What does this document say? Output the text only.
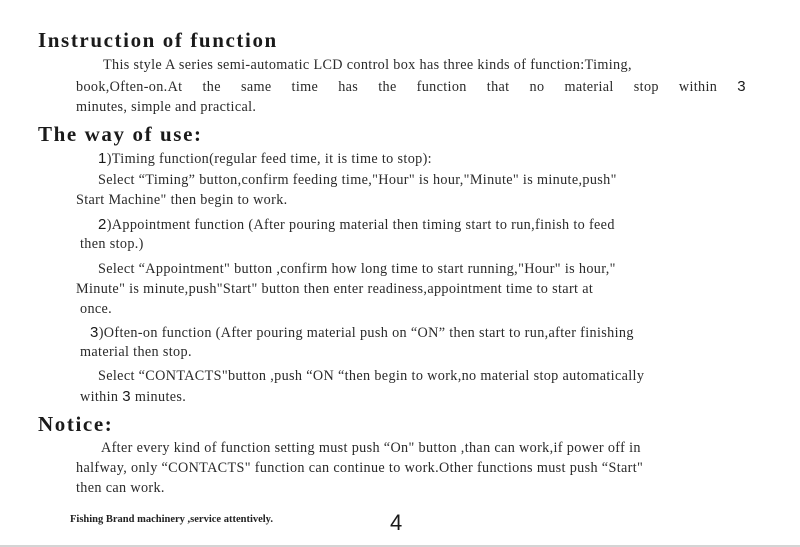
Instruction of function
This style A series semi-automatic LCD control box has three kinds of function:Timing,
book,Often-on.At the same time has the function that no material stop within 3
minutes, simple and practical.
The way of use:
1)Timing function(regular feed time, it is time to stop):
Select “Timing” button,confirm feeding time,"Hour" is hour,"Minute" is minute,push"
Start Machine" then begin to work.
2)Appointment function (After pouring material then timing start to run,finish to feed
then stop.)
Select “Appointment" button ,confirm how long time to start running,"Hour" is hour,"
Minute" is minute,push"Start" button then enter readiness,appointment time to start at
once.
3)Often-on function (After pouring material push on “ON” then start to run,after finishing
material then stop.
Select “CONTACTS"button ,push “ON “then begin to work,no material stop automatically
within 3 minutes.
Notice:
After every kind of function setting must push “On" button ,than can work,if power off in
halfway, only “CONTACTS" function can continue to work.Other functions must push “Start"
then can work.
Fishing Brand machinery ,service attentively.	4
